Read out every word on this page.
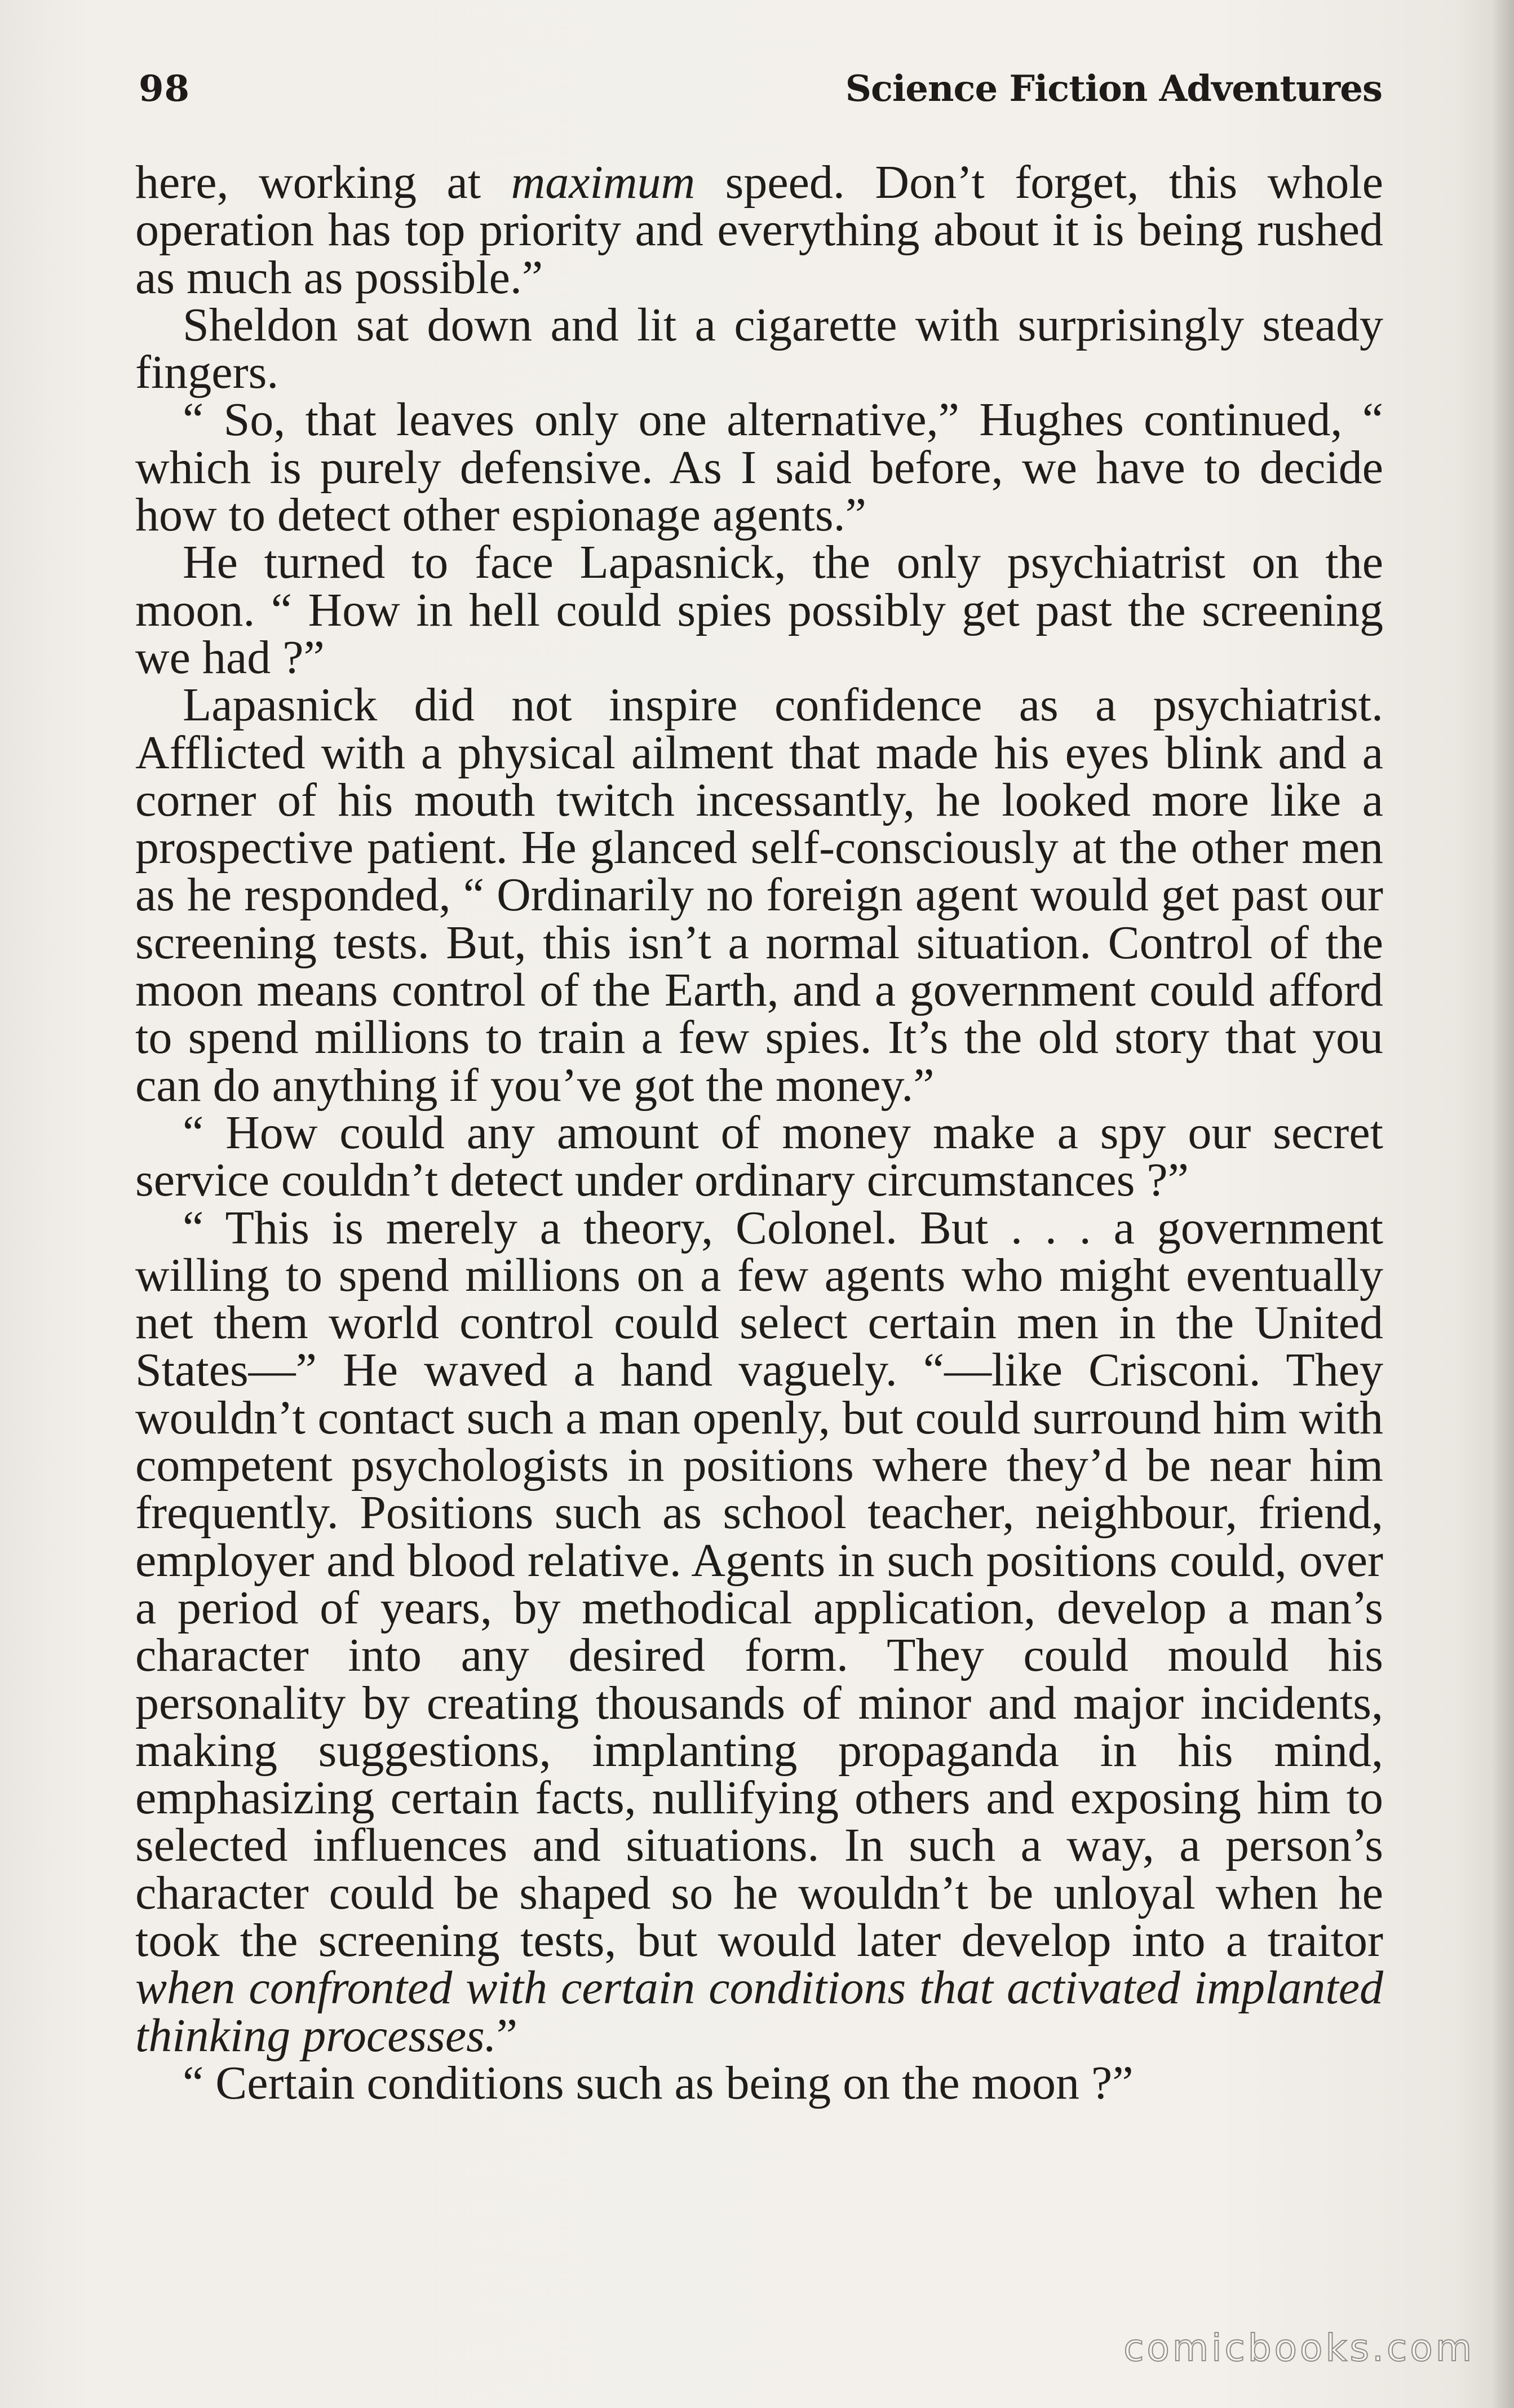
98	Science Fiction Adventures

here, working at maximum speed. Don’t forget, this whole operation has top priority and everything about it is being rushed as much as possible.”

Sheldon sat down and lit a cigarette with surprisingly steady fingers.

“ So, that leaves only one alternative,” Hughes continued, “ which is purely defensive. As I said before, we have to decide how to detect other espionage agents.”

He turned to face Lapasnick, the only psychiatrist on the moon. “ How in hell could spies possibly get past the screening we had ?”

Lapasnick did not inspire confidence as a psychiatrist. Afflicted with a physical ailment that made his eyes blink and a corner of his mouth twitch incessantly, he looked more like a prospective patient. He glanced self-consciously at the other men as he responded, “ Ordinarily no foreign agent would get past our screening tests. But, this isn’t a normal situation. Control of the moon means control of the Earth, and a government could afford to spend millions to train a few spies. It’s the old story that you can do anything if you’ve got the money.”

“ How could any amount of money make a spy our secret service couldn’t detect under ordinary circumstances ?”

“ This is merely a theory, Colonel. But . . . a government willing to spend millions on a few agents who might eventually net them world control could select certain men in the United States—” He waved a hand vaguely. “—like Crisconi. They wouldn’t contact such a man openly, but could surround him with competent psychologists in positions where they’d be near him frequently. Positions such as school teacher, neighbour, friend, employer and blood relative. Agents in such positions could, over a period of years, by methodical application, develop a man’s character into any desired form. They could mould his personality by creating thousands of minor and major incidents, making suggestions, implanting propaganda in his mind, emphasizing certain facts, nullifying others and exposing him to selected influences and situations. In such a way, a person’s character could be shaped so he wouldn’t be unloyal when he took the screening tests, but would later develop into a traitor when confronted with certain conditions that activated implanted thinking processes.”

“ Certain conditions such as being on the moon ?”

comicbooks.com
